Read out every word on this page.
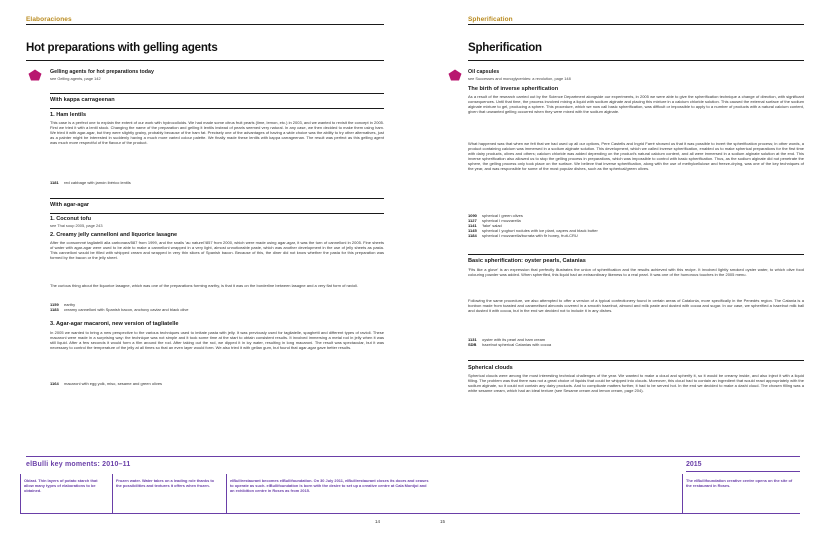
Elaboraciones
Hot preparations with gelling agents
Gelling agents for hot preparations today
see Gelling agents, page 142
With kappa carrageenan
1. Ham lentils

This case is a perfect one to explain the extent of our work with hydrocolloids. We had made some citrus fruit pearls (lime, lemon, etc.) in 2003, and we wanted to revisit the concept in 2005. First we tried it with a lentil stock. Changing the name of the preparation and gelling it lentils instead of pearls seemed very natural. In any case, we then decided to make them using ham. We tried it with agar-agar, but they were slightly grainy, probably because of the ham fat. Precisely one of the advantages of having a wide choice was the ability to try other alternatives, just as a painter might be interested in suddenly having a much more varied colour palette. We finally made these lentils with kappa carrageenan. The result was perfect as this gelling agent was much more respectful of the flavour of the product.

1181 red cabbage with jamón ibérico lentils
With agar-agar
1. Coconut tofu
see Thai soup 2005, page 243
2. Creamy jelly cannelloni and liquorice lasagne

After the consommé tagliatelli alla carbonara/587 from 1999, and the snails 'au naturel'/857 from 2000, which were made using agar-agar, it was the turn of cannelloni in 2005. Fine sheets of water with agar-agar were used to be able to make a cannelloni wrapped in a very light, almost unnoticeable paste, which was another development in the use of jelly sheets as pasta. This cannelloni would be filled with whipped cream and wrapped in very thin slices of Spanish bacon. Because of this, the diner did not know whether the pasta for this preparation was formed by the bacon or the jelly sheet.

The curious thing about the liquorice lasagne, which was one of the preparations forming earthy, is that it was on the borderline between lasagne and a very flat form of ravioli.

1159 earthy
1183 creamy cannelloni with Spanish bacon, anchovy caviar and black olive
3. Agar-agar macaroni, new version of tagliatelle

In 2005 we wanted to bring a new perspective to the various techniques used to imitate pasta with jelly. It was previously used for tagliatelle, spaghetti and different types of ravioli. These macaroni were made in a surprising way: the technique was not simple and it took some time at the start to obtain consistent results. It involved immersing a metal rod in jelly when it was still liquid. After a few seconds it would form a film around the rod. After taking out the rod, we dipped it in icy water, resulting in long macaroni. The result was spectacular, but it was necessary to control the temperature of the jelly at all times so that an even layer would form. We also tried it with gellan gum, but found that agar-agar gave better results.

1164 macaroni with egg yolk, miso, sesame and green olives
Spherification
Spherification
Oil capsules
see Successes and monoglycerides: a revolution, page 148
The birth of inverse spherification

As a result of the research carried out by the Science Department alongside our experiments, in 2005 we were able to give the spherification technique a change of direction, with significant consequences. Until that time, the process involved mixing a liquid with sodium alginate and placing this mixture in a calcium chloride solution. This caused the external surface of the sodium alginate mixture to gel, producing a sphere. This procedure, which we now call basic spherification, was difficult or impossible to apply to a number of products with a natural calcium content, given that unwanted gelling occurred when they were mixed with the sodium alginate.

What happened was that when we felt that we had used up all our options, Pere Castells and Ingrid Farré showed us that it was possible to invert the spherification process; in other words, a product containing calcium was immersed in a sodium alginate solution. This development, which we called inverse spherification, enabled us to make spherical preparations for the first time with dairy products, olives and others; calcium chloride was added depending on the product's natural calcium content, and all were immersed in a sodium alginate solution at the end. This inverse spherification also allowed us to stop the gelling process in preparations, which was impossible to control with basic spherification. Thus, as the sodium alginate did not penetrate the sphere, the gelling process only took place on the surface. We believe that inverse spherification, along with the use of methylcellulose and freeze-drying, was one of the key techniques of the year, and was responsible for some of the most popular dishes, such as the spherical/green olives.

1090 spherical I green olives
1127 spherical I mozzarella
1141 'fake' salad
1145 spherical I yoghurt nodules with ice plant, capers and black butter
1184 spherical I mozzarella/burrata with fir honey, fruit-CRU
Basic spherification: oyster pearls, Catanias

'Fits like a glove' is an expression that perfectly illustrates the union of spherification and the results achieved with this recipe. It involved lightly smoked oyster water, to which olive food colouring powder was added. When spherified, this liquid had an extraordinary likeness to a real pearl. It was one of the humorous touches in the 2005 menu.

Following the same procedure, we also attempted to offer a version of a typical confectionery found in certain areas of Catalonia, more specifically in the Penedès region. The Catania is a bonbon made from toasted and caramelised almonds covered in a smooth hazelnut, almond and milk paste and dusted with cocoa and sugar. In our case, we spherified a hazelnut milk ball and dusted it with cocoa, but in the end we decided not to include it in any dishes.

1131 oyster with its pearl and ham cream
SDB hazelnut spherical Catanias with cocoa
Spherical clouds

Spherical clouds were among the most interesting technical challenges of the year. We wanted to make a cloud and spherify it, so it would be creamy inside, and also inject it with a liquid filling. The problem was that there was not a great choice of liquids that could be whipped into clouds. Moreover, this cloud had to contain an ingredient that would react appropriately with the sodium alginate, so it could not contain any dairy products. And to complicate matters further, it had to be served hot. In the end we decided to make a dashi cloud. The chosen filling was a white sesame cream, which had an ideal texture (see Sesame cream and lemon cream, page 204).

elBulli key moments: 2010–11	2015
Oblast. Thin layers of potato starch that allow many types of elaborations to be obtained.
Frozen water. Water takes on a leading role thanks to the possibilities and textures it offers when frozen.
elBullirestaurant becomes elBullifoundation. On 30 July 2011, elBullirestaurant closes its doors and ceases to operate as such. elBullifoundation is born with the desire to set up a creative centre at Cala Montjoi and an exhibition centre in Roses as from 2015.
The elBullifoundation creative centre opens on the site of the restaurant in Roses.
14	15
